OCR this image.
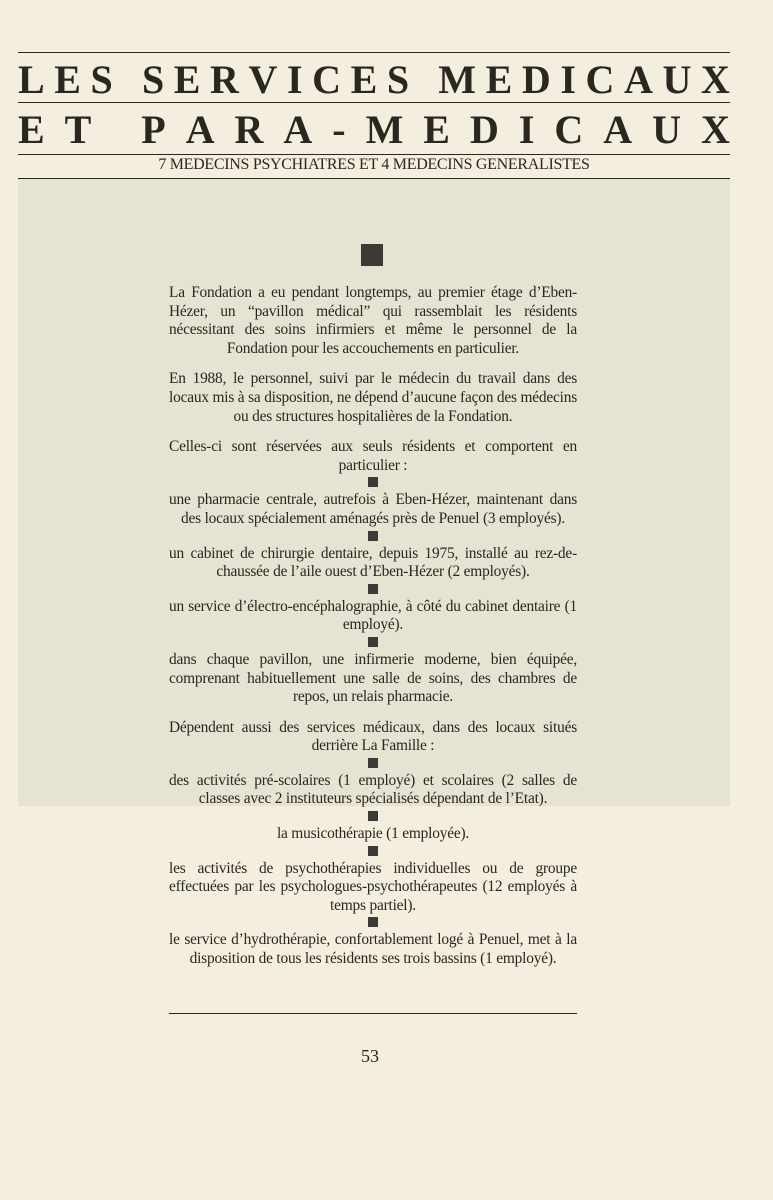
L E S
S E R V I C E S
M E D I C A U X
E T
P A R A - M E D I C A U X
7 MEDECINS PSYCHIATRES ET 4 MEDECINS GENERALISTES

La Fondation a eu pendant longtemps, au premier étage d’Eben-Hézer, un “pavillon médical” qui rassemblait les résidents nécessitant des soins infirmiers et même le personnel de la Fondation pour les accouchements en particulier.

En 1988, le personnel, suivi par le médecin du travail dans des locaux mis à sa disposition, ne dépend d’aucune façon des médecins ou des structures hospitalières de la Fondation.

Celles-ci sont réservées aux seuls résidents et comportent en particulier :

une pharmacie centrale, autrefois à Eben-Hézer, maintenant dans des locaux spécialement aménagés près de Penuel (3 employés).

un cabinet de chirurgie dentaire, depuis 1975, installé au rez-de-chaussée de l’aile ouest d’Eben-Hézer (2 employés).

un service d’électro-encéphalographie, à côté du cabinet dentaire (1 employé).

dans chaque pavillon, une infirmerie moderne, bien équipée, comprenant habituellement une salle de soins, des chambres de repos, un relais pharmacie.

Dépendent aussi des services médicaux, dans des locaux situés derrière La Famille :

des activités pré-scolaires (1 employé) et scolaires (2 salles de classes avec 2 instituteurs spécialisés dépendant de l’Etat).

la musicothérapie (1 employée).

les activités de psychothérapies individuelles ou de groupe effectuées par les psychologues-psychothérapeutes (12 employés à temps partiel).

le service d’hydrothérapie, confortablement logé à Penuel, met à la disposition de tous les résidents ses trois bassins (1 employé).

53
